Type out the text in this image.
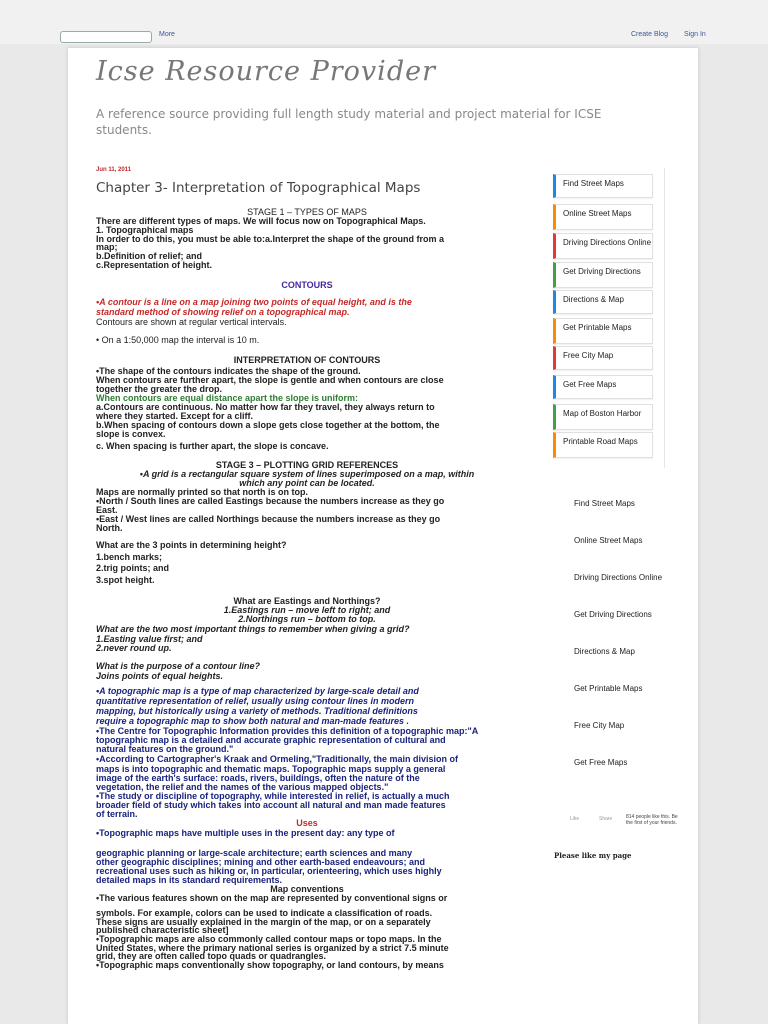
More	Create Blog Sign In
Icse Resource Provider
A reference source providing full length study material and project material for ICSE students.
Jun 11, 2011
Chapter 3- Interpretation of Topographical Maps
STAGE 1 – TYPES OF MAPS
There are different types of maps. We will focus now on Topographical Maps.
1. Topographical maps
In order to do this, you must be able to:a.Interpret the shape of the ground from a
map;
b.Definition of relief; and
c.Representation of height.
CONTOURS
•A contour is a line on a map joining two points of equal height, and is the
standard method of showing relief on a topographical map.
Contours are shown at regular vertical intervals.
• On a 1:50,000 map the interval is 10 m.
INTERPRETATION OF CONTOURS
•The shape of the contours indicates the shape of the ground.
When contours are further apart, the slope is gentle and when contours are close
together the greater the drop.
When contours are equal distance apart the slope is uniform:
a.Contours are continuous. No matter how far they travel, they always return to
where they started. Except for a cliff.
b.When spacing of contours down a slope gets close together at the bottom, the
slope is convex.
c. When spacing is further apart, the slope is concave.
STAGE 3 – PLOTTING GRID REFERENCES
•A grid is a rectangular square system of lines superimposed on a map, within
which any point can be located.
Maps are normally printed so that north is on top.
•North / South lines are called Eastings because the numbers increase as they go
East.
•East / West lines are called Northings because the numbers increase as they go
North.
What are the 3 points in determining height?
1.bench marks;
2.trig points; and
3.spot height.
What are Eastings and Northings?
1.Eastings run – move left to right; and
2.Northings run – bottom to top.
What are the two most important things to remember when giving a grid?
1.Easting value first; and
2.never round up.
What is the purpose of a contour line?
Joins points of equal heights.
•A topographic map is a type of map characterized by large-scale detail and
quantitative representation of relief, usually using contour lines in modern
mapping, but historically using a variety of methods. Traditional definitions
require a topographic map to show both natural and man-made features .
•The Centre for Topographic Information provides this definition of a topographic map:"A
topographic map is a detailed and accurate graphic representation of cultural and
natural features on the ground."
•According to Cartographer's Kraak and Ormeling,"Traditionally, the main division of
maps is into topographic and thematic maps. Topographic maps supply a general
image of the earth's surface: roads, rivers, buildings, often the nature of the
vegetation, the relief and the names of the various mapped objects."
•The study or discipline of topography, while interested in relief, is actually a much
broader field of study which takes into account all natural and man made features
of terrain.
Uses
•Topographic maps have multiple uses in the present day: any type of
geographic planning or large-scale architecture; earth sciences and many
other geographic disciplines; mining and other earth-based endeavours; and
recreational uses such as hiking or, in particular, orienteering, which uses highly
detailed maps in its standard requirements.
Map conventions
•The various features shown on the map are represented by conventional signs or
symbols. For example, colors can be used to indicate a classification of roads.
These signs are usually explained in the margin of the map, or on a separately
published characteristic sheet]
•Topographic maps are also commonly called contour maps or topo maps. In the
United States, where the primary national series is organized by a strict 7.5 minute
grid, they are often called topo quads or quadrangles.
•Topographic maps conventionally show topography, or land contours, by means
Find Street Maps
Online Street Maps
Driving Directions Online
Get Driving Directions
Directions & Map
Get Printable Maps
Free City Map
Get Free Maps
Map of Boston Harbor
Printable Road Maps
Find Street Maps
Online Street Maps
Driving Directions Online
Get Driving Directions
Directions & Map
Get Printable Maps
Free City Map
Get Free Maps
Like	Share	814 people like this. Be the first of your friends.
Please like my page
